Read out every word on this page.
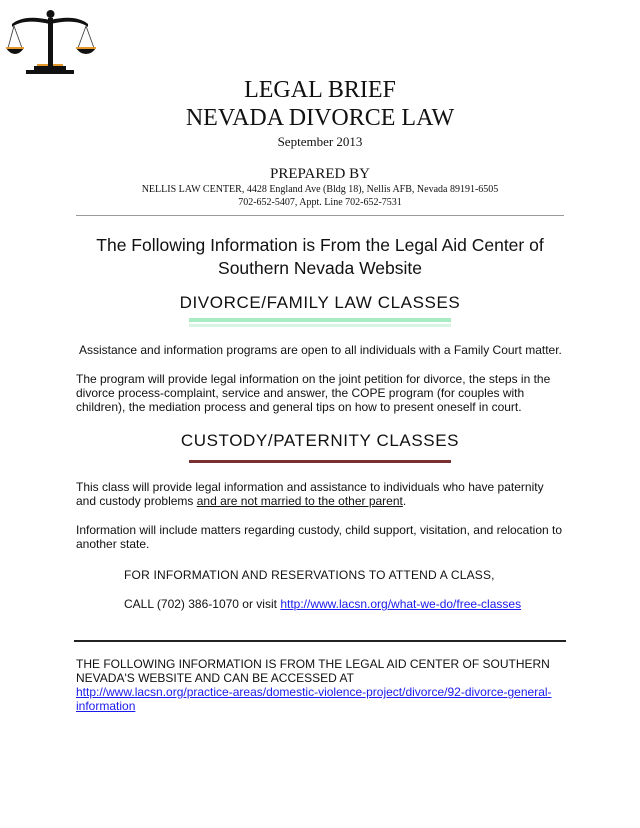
LEGAL BRIEF
NEVADA DIVORCE LAW
September 2013
PREPARED BY
NELLIS LAW CENTER, 4428 England Ave (Bldg 18), Nellis AFB, Nevada 89191-6505
702-652-5407, Appt. Line 702-652-7531
The Following Information is From the Legal Aid Center of
Southern Nevada Website
DIVORCE/FAMILY LAW CLASSES
Assistance and information programs are open to all individuals with a Family Court matter.
The program will provide legal information on the joint petition for divorce, the steps in the divorce process-complaint, service and answer, the COPE program (for couples with children), the mediation process and general tips on how to present oneself in court.
CUSTODY/PATERNITY CLASSES
This class will provide legal information and assistance to individuals who have paternity and custody problems and are not married to the other parent.
Information will include matters regarding custody, child support, visitation, and relocation to another state.
FOR INFORMATION AND RESERVATIONS TO ATTEND A CLASS,
CALL (702) 386-1070 or visit http://www.lacsn.org/what-we-do/free-classes
THE FOLLOWING INFORMATION IS FROM THE LEGAL AID CENTER OF SOUTHERN NEVADA'S WEBSITE AND CAN BE ACCESSED AT
http://www.lacsn.org/practice-areas/domestic-violence-project/divorce/92-divorce-general-information
